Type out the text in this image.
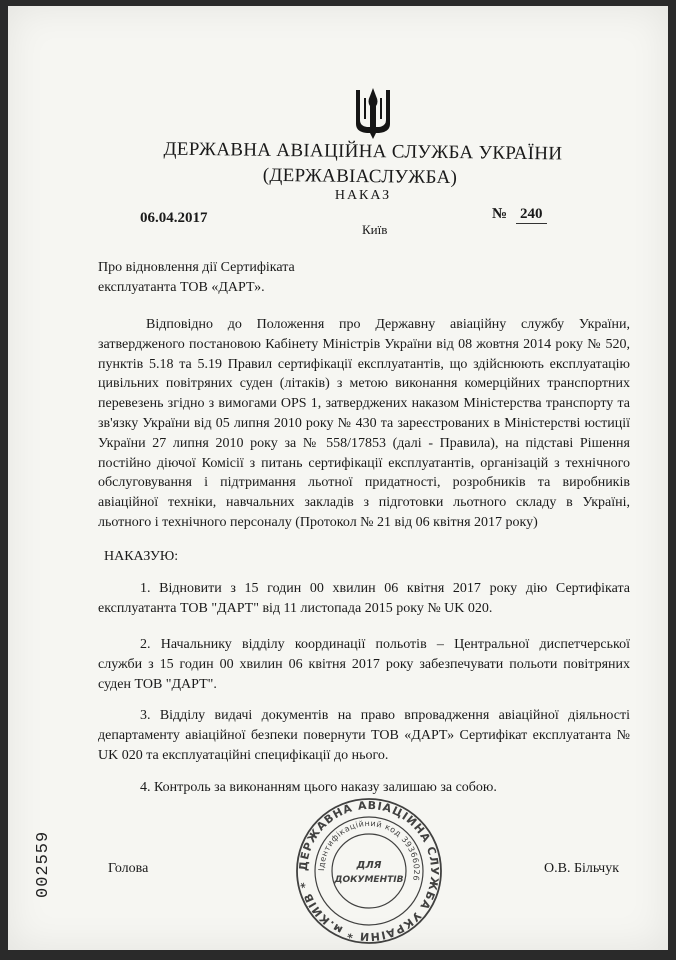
ДЕРЖАВНА АВІАЦІЙНА СЛУЖБА УКРАЇНИ
(ДЕРЖАВІАСЛУЖБА)
НАКАЗ
06.04.2017
Київ
№ 240
Про відновлення дії Сертифіката
експлуатанта ТОВ «ДАРТ».
Відповідно до Положення про Державну авіаційну службу України, затвердженого постановою Кабінету Міністрів України від 08 жовтня 2014 року № 520, пунктів 5.18 та 5.19 Правил сертифікації експлуатантів, що здійснюють експлуатацію цивільних повітряних суден (літаків) з метою виконання комерційних транспортних перевезень згідно з вимогами OPS 1, затверджених наказом Міністерства транспорту та зв'язку України від 05 липня 2010 року № 430 та зареєстрованих в Міністерстві юстиції України 27 липня 2010 року за № 558/17853 (далі - Правила), на підставі Рішення постійно діючої Комісії з питань сертифікації експлуатантів, організацій з технічного обслуговування і підтримання льотної придатності, розробників та виробників авіаційної техніки, навчальних закладів з підготовки льотного складу в Україні, льотного і технічного персоналу (Протокол № 21 від 06 квітня 2017 року)
НАКАЗУЮ:
1. Відновити з 15 годин 00 хвилин 06 квітня 2017 року дію Сертифіката експлуатанта ТОВ "ДАРТ" від 11 листопада 2015 року № UK 020.
2. Начальнику відділу координації польотів – Центральної диспетчерської служби з 15 годин 00 хвилин 06 квітня 2017 року забезпечувати польоти повітряних суден ТОВ "ДАРТ".
3. Відділу видачі документів на право впровадження авіаційної діяльності департаменту авіаційної безпеки повернути ТОВ «ДАРТ» Сертифікат експлуатанта № UK 020 та експлуатаційні специфікації до нього.
4. Контроль за виконанням цього наказу залишаю за собою.
002559	ДЕРЖАВНА АВІАЦІЙНА СЛУЖБА УКРАЇНИ * м.КИЇВ *
Ідентифікаційний код 39366026
ДЛЯ
ДОКУМЕНТІВ
Голова	О.В. Більчук
